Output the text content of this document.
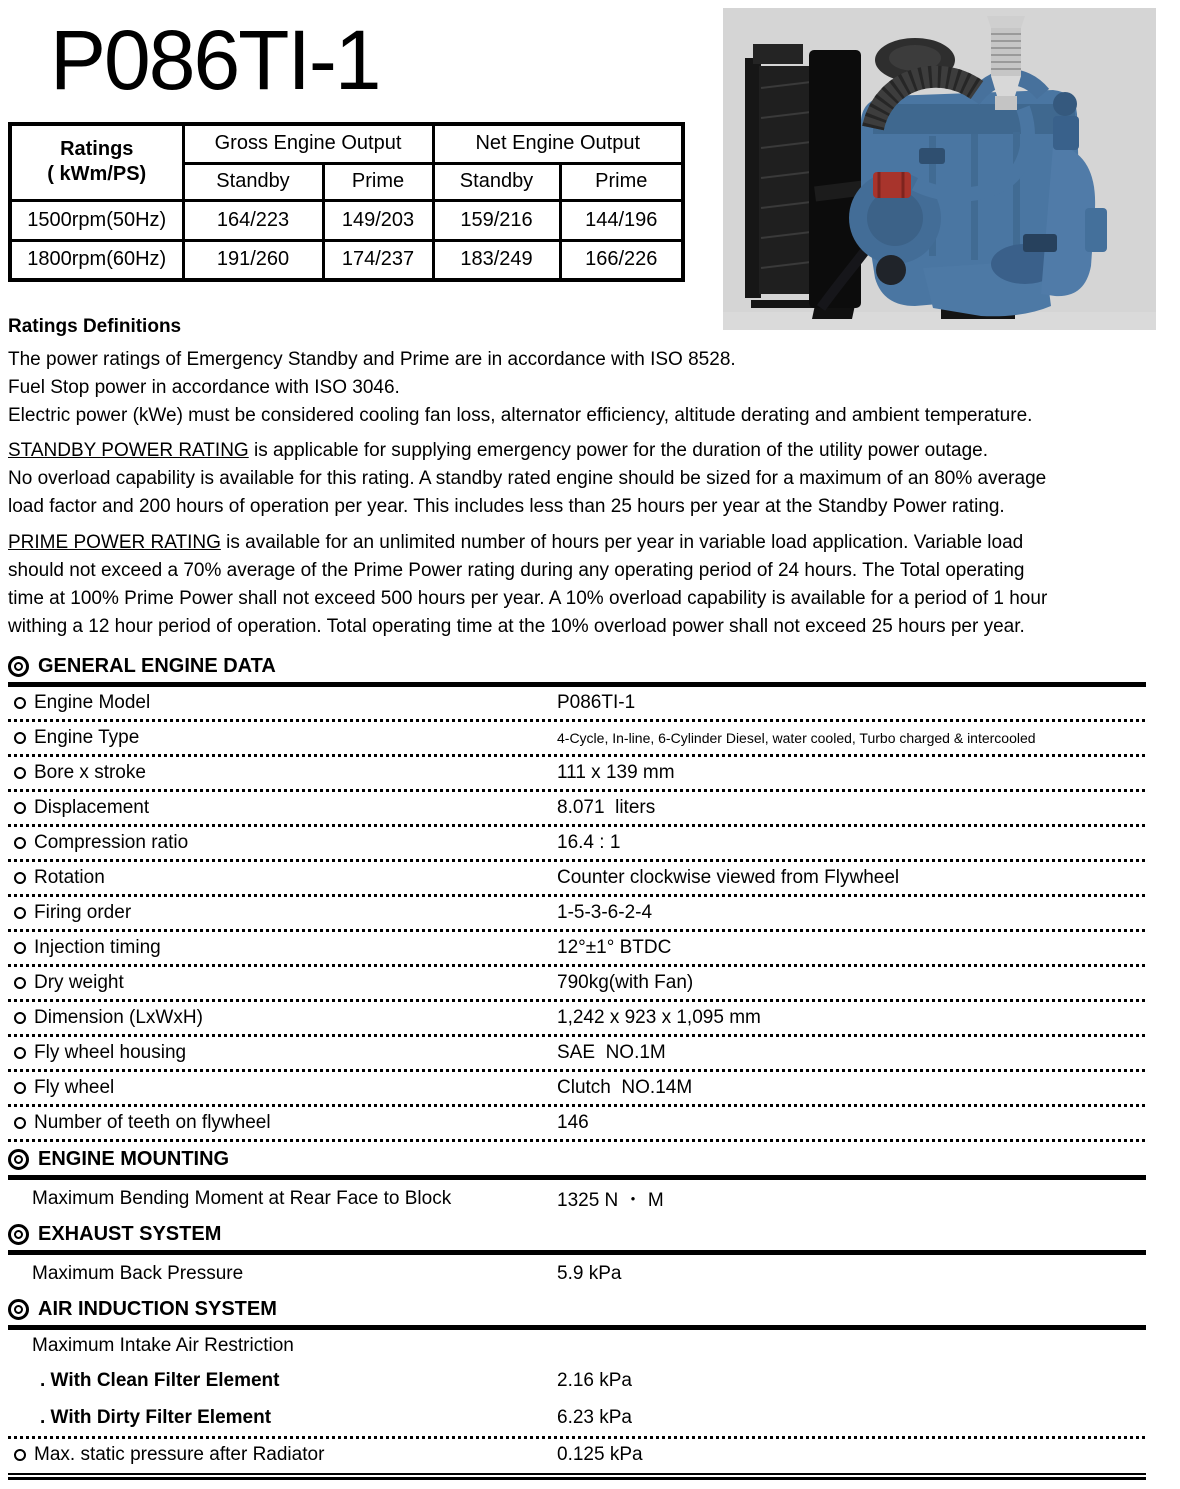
P086TI-1
Ratings
( kWm/PS)	Gross Engine Output		Net Engine Output	
	Standby	Prime	Standby	Prime
1500rpm(50Hz)	164/223	149/203	159/216	144/196
1800rpm(60Hz)	191/260	174/237	183/249	166/226

Ratings Definitions

The power ratings of Emergency Standby and Prime are in accordance with ISO 8528.

Fuel Stop power in accordance with ISO 3046.

Electric power (kWe) must be considered cooling fan loss, alternator efficiency, altitude derating and ambient temperature.

STANDBY POWER RATING is applicable for supplying emergency power for the duration of the utility power outage.

No overload capability is available for this rating. A standby rated engine should be sized for a maximum of an 80% average

load factor and 200 hours of operation per year. This includes less than 25 hours per year at the Standby Power rating.

PRIME POWER RATING is available for an unlimited number of hours per year in variable load application. Variable load

should not exceed a 70% average of the Prime Power rating during any operating period of 24 hours. The Total operating

time at 100% Prime Power shall not exceed 500 hours per year. A 10% overload capability is available for a period of 1 hour

withing a 12 hour period of operation. Total operating time at the 10% overload power shall not exceed 25 hours per year.

GENERAL ENGINE DATA
Engine Model	P086TI-1
Engine Type	4-Cycle, In-line, 6-Cylinder Diesel, water cooled, Turbo charged & intercooled
Bore x stroke	111 x 139 mm
Displacement	8.071  liters
Compression ratio	16.4 : 1
Rotation	Counter clockwise viewed from Flywheel
Firing order	1-5-3-6-2-4
Injection timing	12°±1° BTDC
Dry weight	790kg(with Fan)
Dimension (LxWxH)	1,242 x 923 x 1,095 mm
Fly wheel housing	SAE  NO.1M
Fly wheel	Clutch  NO.14M
Number of teeth on flywheel	146
ENGINE MOUNTING
Maximum Bending Moment at Rear Face to Block	1325 N ・ M
EXHAUST SYSTEM
Maximum Back Pressure	5.9 kPa
AIR INDUCTION SYSTEM
Maximum Intake Air Restriction
. With Clean Filter Element	2.16 kPa
. With Dirty Filter Element	6.23 kPa
Max. static pressure after Radiator	0.125 kPa
